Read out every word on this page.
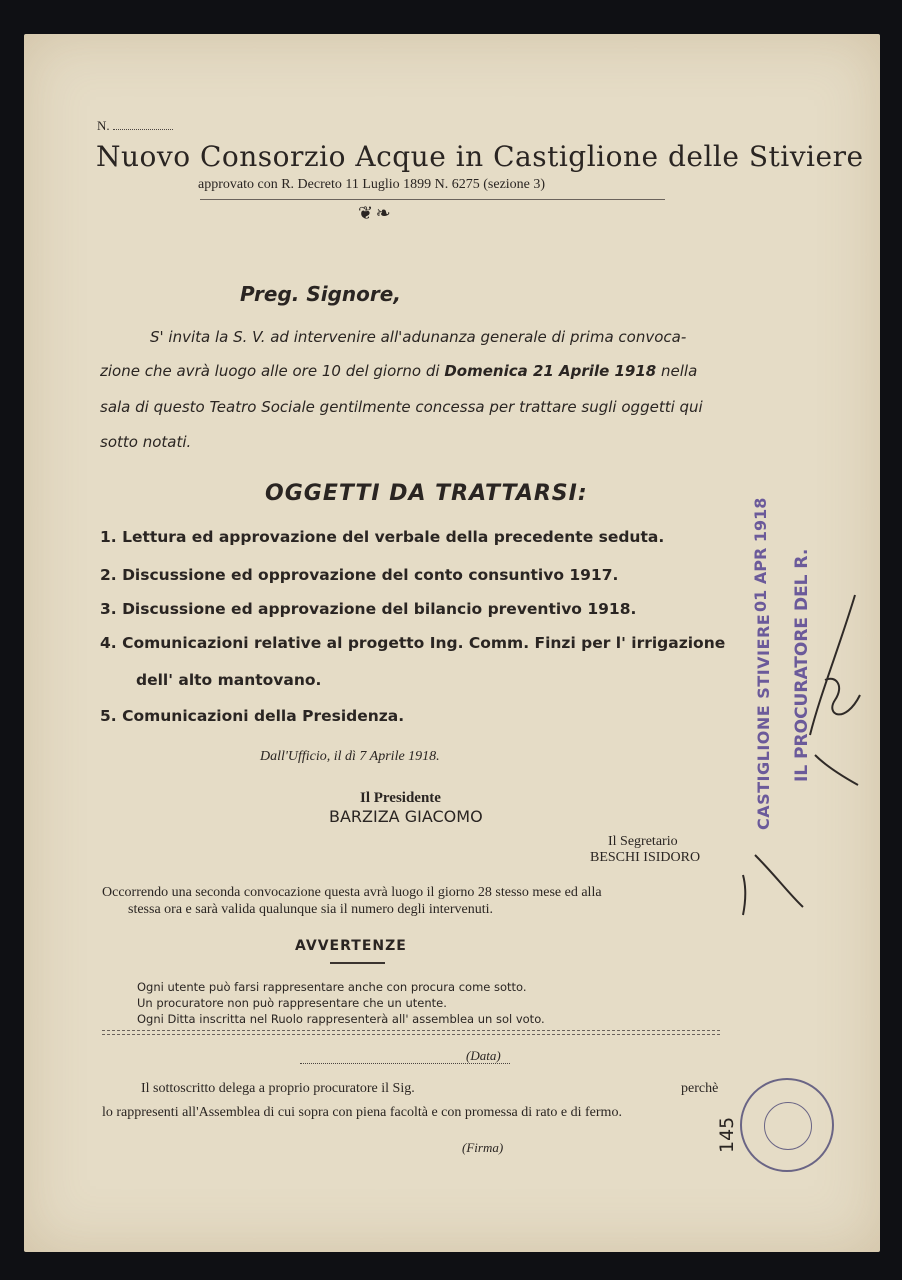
N.
Nuovo Consorzio Acque in Castiglione delle Stiviere
approvato con R. Decreto 11 Luglio 1899 N. 6275 (sezione 3)
❦ ❧
Preg. Signore,
S' invita la S. V. ad intervenire all'adunanza generale di prima convoca-
zione che avrà luogo alle ore 10 del giorno di Domenica 21 Aprile 1918 nella
sala di questo Teatro Sociale gentilmente concessa per trattare sugli oggetti qui
sotto notati.
OGGETTI DA TRATTARSI:
1. Lettura ed approvazione del verbale della precedente seduta.
2. Discussione ed opprovazione del conto consuntivo 1917.
3. Discussione ed approvazione del bilancio preventivo 1918.
4. Comunicazioni relative al progetto Ing. Comm. Finzi per l' irrigazione
dell' alto mantovano.
5. Comunicazioni della Presidenza.
Dall'Ufficio, il dì 7 Aprile 1918.
Il Presidente
BARZIZA GIACOMO
Il Segretario
BESCHI ISIDORO
Occorrendo una seconda convocazione questa avrà luogo il giorno 28 stesso mese ed alla
stessa ora e sarà valida qualunque sia il numero degli intervenuti.
AVVERTENZE
Ogni utente può farsi rappresentare anche con procura come sotto.
Un procuratore non può rappresentare che un utente.
Ogni Ditta inscritta nel Ruolo rappresenterà all' assemblea un sol voto.
(Data)
Il sottoscritto delega a proprio procuratore il Sig.	perchè
lo rappresenti all'Assemblea di cui sopra con piena facoltà e con promessa di rato e di fermo.
(Firma)
01 APR 1918
CASTIGLIONE STIVIERE IL PROCURATORE DEL R.
145
